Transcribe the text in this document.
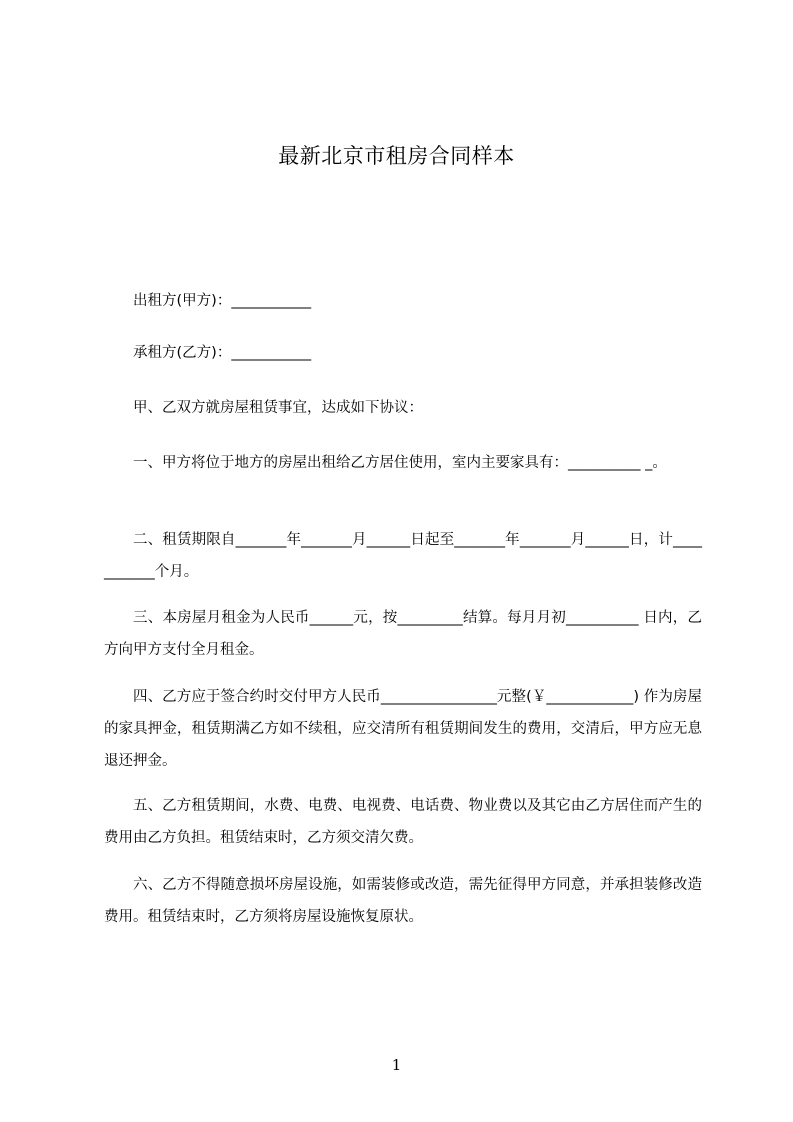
最新北京市租房合同样本
出租方(甲方)：___________
承租方(乙方)：___________
甲、乙双方就房屋租赁事宜，达成如下协议：
一、甲方将位于地方的房屋出租给乙方居住使用，室内主要家具有：__________ _。
二、租赁期限自_______年_______月______日起至_______年_______月______日，计___________个月。
三、本房屋月租金为人民币______元，按_________结算。每月月初__________ 日内，乙方向甲方支付全月租金。
四、乙方应于签合约时交付甲方人民币________________元整(￥____________) 作为房屋的家具押金，租赁期满乙方如不续租，应交清所有租赁期间发生的费用，交清后，甲方应无息退还押金。
五、乙方租赁期间，水费、电费、电视费、电话费、物业费以及其它由乙方居住而产生的费用由乙方负担。租赁结束时，乙方须交清欠费。
六、乙方不得随意损坏房屋设施，如需装修或改造，需先征得甲方同意，并承担装修改造费用。租赁结束时，乙方须将房屋设施恢复原状。
1
